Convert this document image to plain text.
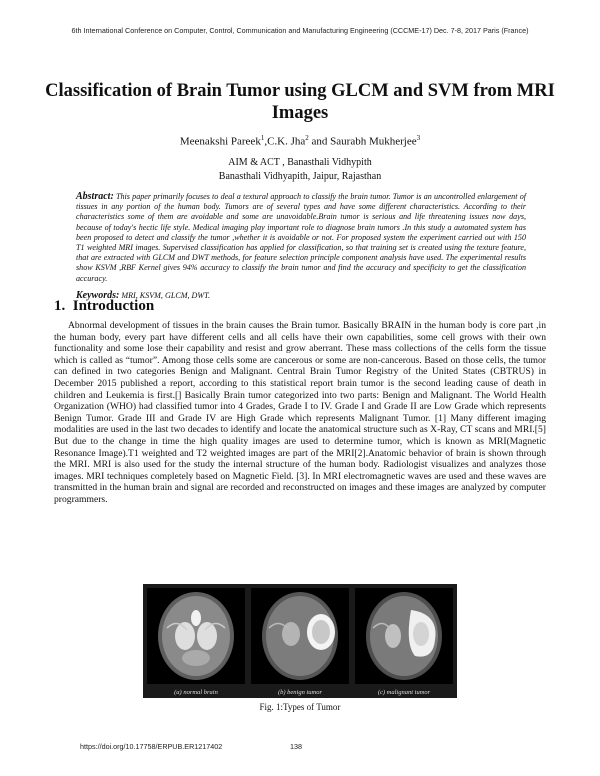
6th International Conference on Computer, Control, Communication and Manufacturing Engineering (CCCME-17) Dec. 7-8, 2017 Paris (France)
Classification of Brain Tumor using GLCM and SVM from MRI Images
Meenakshi Pareek$^1$,C.K. Jha$^2$ and Saurabh Mukherjee$^3$
AIM & ACT , Banasthali Vidhypith
Banasthali Vidhyapith, Jaipur, Rajasthan
Abstract: This paper primarily focuses to deal a textural approach to classify the brain tumor. Tumor is an uncontrolled enlargement of tissues in any portion of the human body. Tumors are of several types and have some different characteristics. According to their characteristics some of them are avoidable and some are unavoidable.Brain tumor is serious and life threatening issues now days, because of today's hectic life style. Medical imaging play important role to diagnose brain tumors .In this study a automated system has been proposed to detect and classify the tumor ,whether it is avoidable or not. For proposed system the experiment carried out with 150 T1 weighted MRI images. Supervised classification has applied for classification, so that training set is created using the texture feature, that are extracted with GLCM and DWT methods, for feature selection principle component analysis have used. The experimental results show KSVM ,RBF Kernel gives 94% accuracy to classify the brain tumor and find the accuracy and specificity to get the classification accuracy.
Keywords: MRI, KSVM, GLCM, DWT.
1. Introduction

Abnormal development of tissues in the brain causes the Brain tumor. Basically BRAIN in the human body is core part ,in the human body, every part have different cells and all cells have their own capabilities, some cell grows with their own functionality and some lose their capability and resist and grow aberrant. These mass collections of the cells form the tissue which is called as “tumor”. Among those cells some are cancerous or some are non-cancerous. Based on those cells, the tumor can defined in two categories Benign and Malignant. Central Brain Tumor Registry of the United States (CBTRUS) in December 2015 published a report, according to this statistical report brain tumor is the second leading cause of death in children and Leukemia is first.[] Basically Brain tumor categorized into two parts: Benign and Malignant. The World Health Organization (WHO) had classified tumor into 4 Grades, Grade I to IV. Grade I and Grade II are Low Grade which represents Benign Tumor. Grade III and Grade IV are High Grade which represents Malignant Tumor. [1] Many different imaging modalities are used in the last two decades to identify and locate the anatomical structure such as X-Ray, CT scans and MRI.[5] But due to the change in time the high quality images are used to determine tumor, which is known as MRI(Magnetic Resonance Image).T1 weighted and T2 weighted images are part of the MRI[2].Anatomic behavior of brain is shown through the MRI. MRI is also used for the study the internal structure of the human body. Radiologist visualizes and analyzes those images. MRI techniques completely based on Magnetic Field. [3]. In MRI electromagnetic waves are used and these waves are transmitted in the human brain and signal are recorded and reconstructed on images and these images are analyzed by computer programmers.

(a) normal brain	(b) benign tumor	(c) malignant tumor
Fig. 1:Types of Tumor
https://doi.org/10.17758/ERPUB.ER1217402	138
